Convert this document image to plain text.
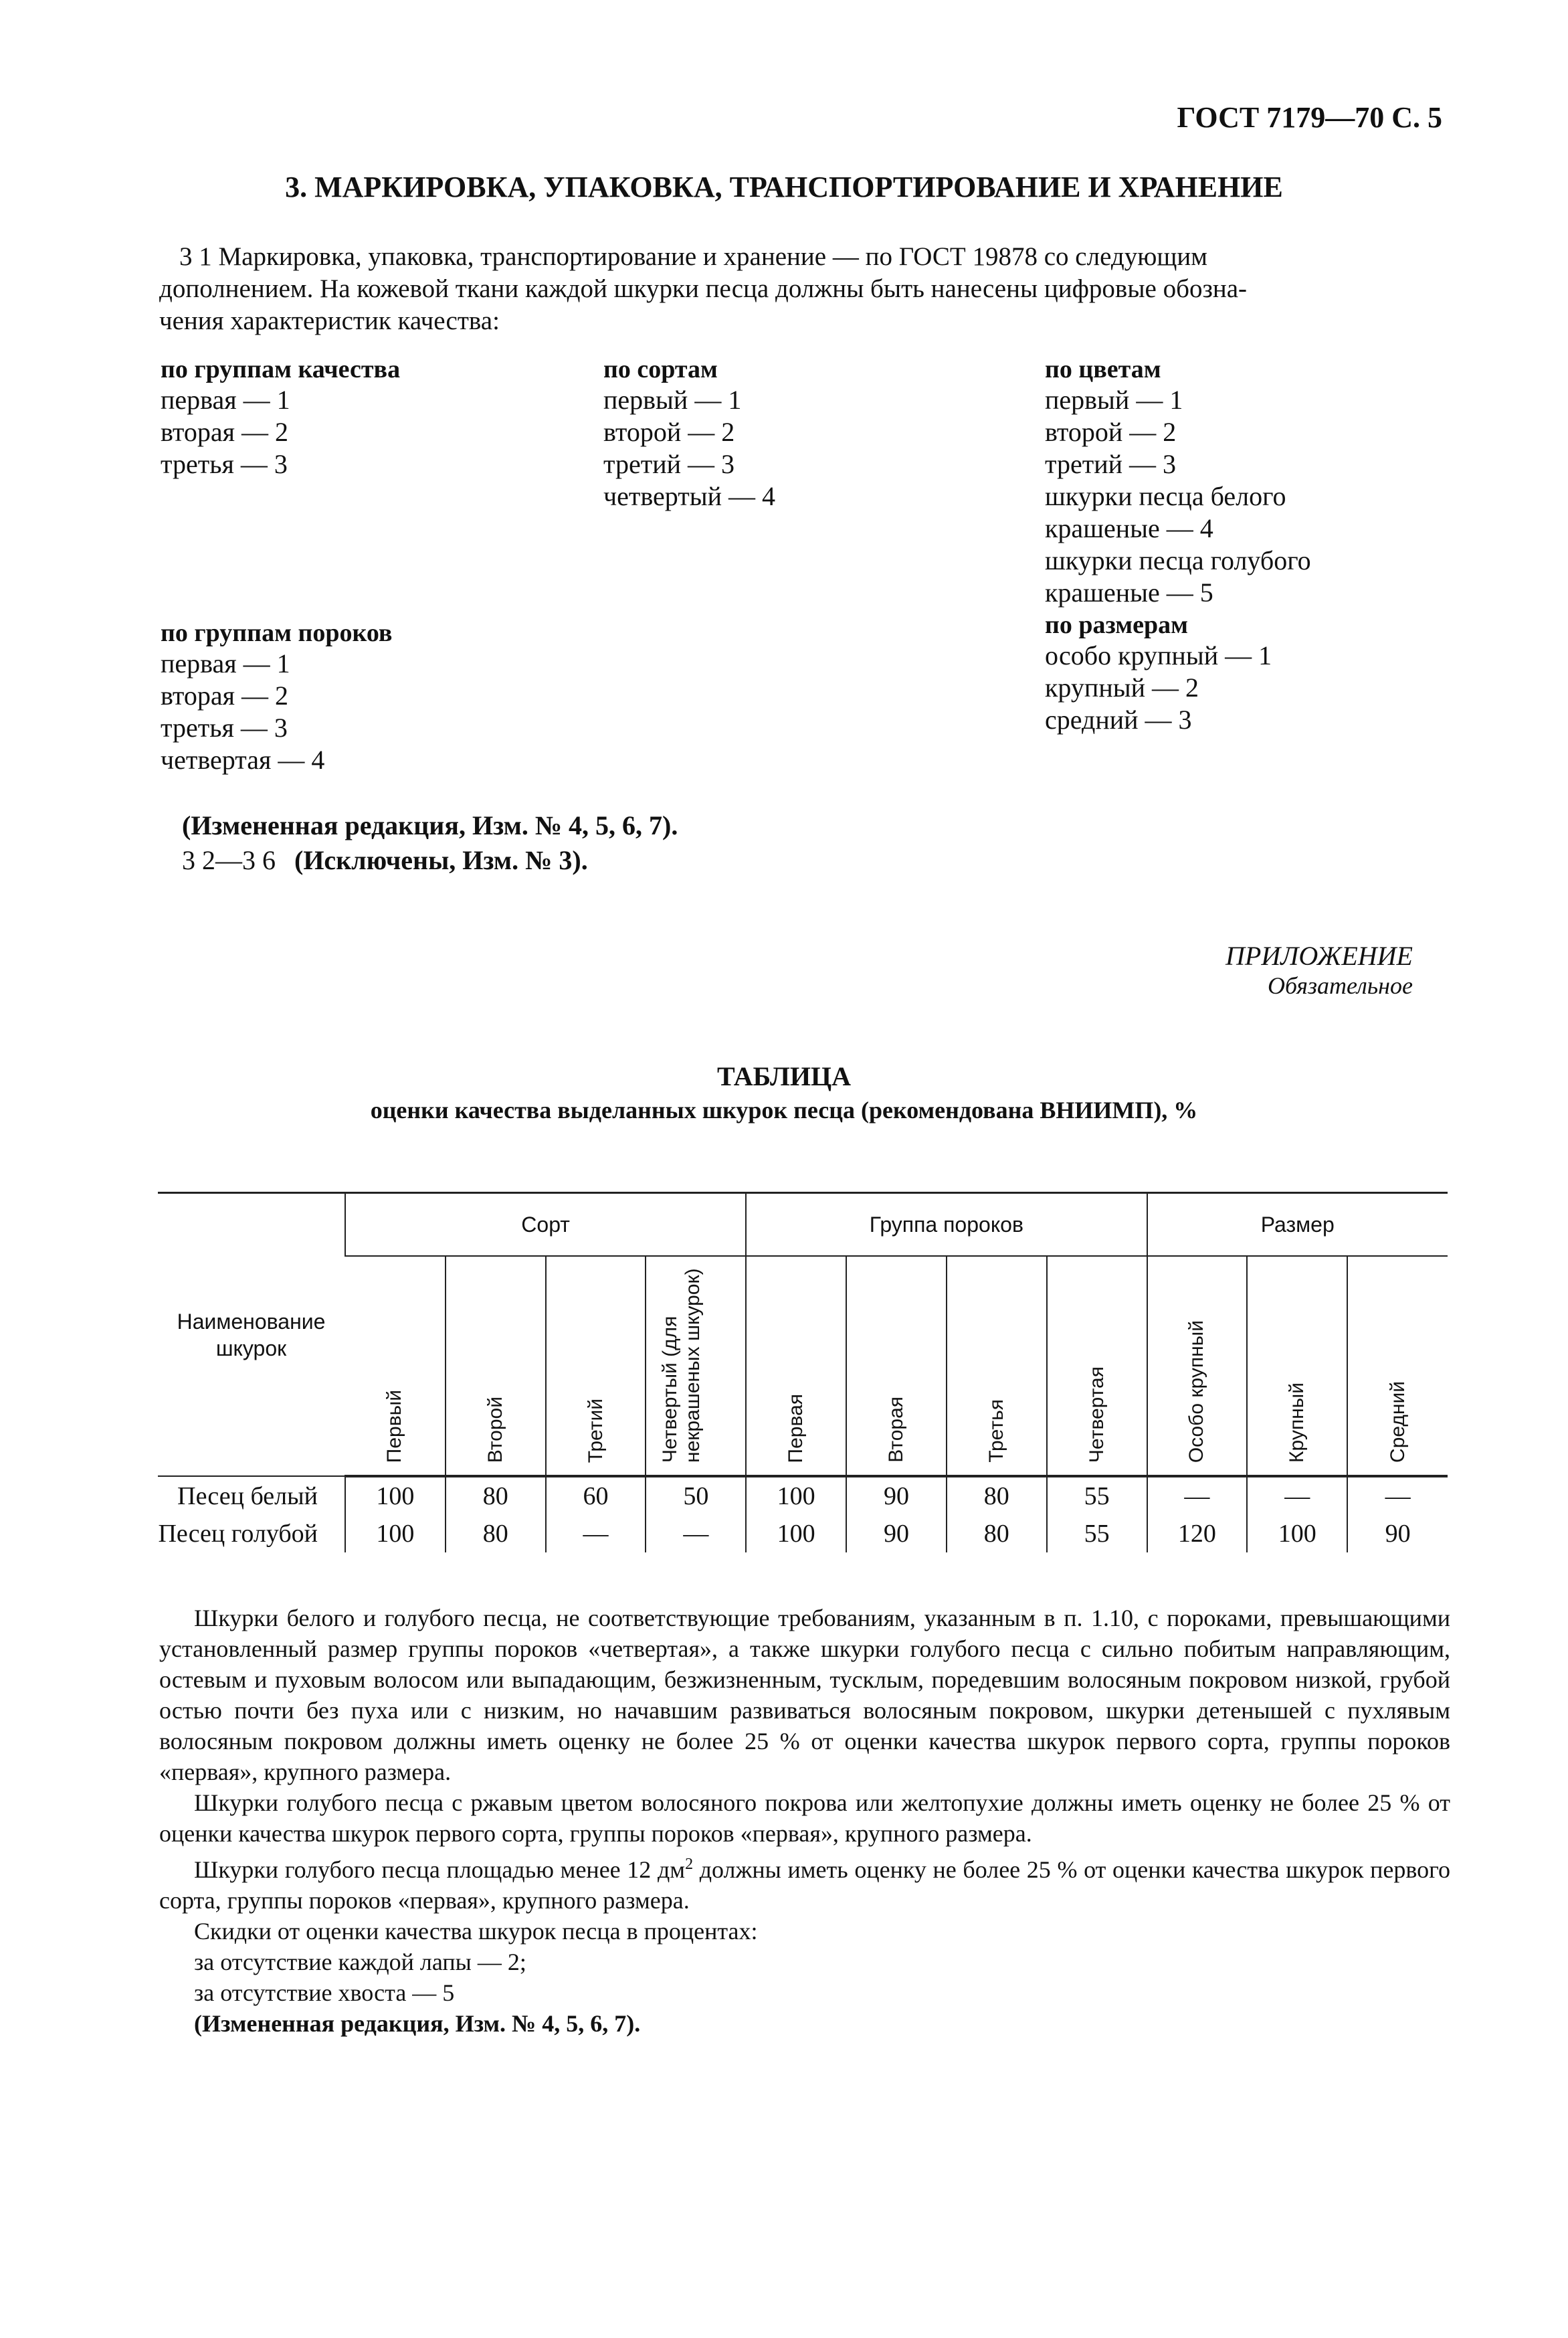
ГОСТ 7179—70 С. 5
3. МАРКИРОВКА, УПАКОВКА, ТРАНСПОРТИРОВАНИЕ И ХРАНЕНИЕ
3 1 Маркировка, упаковка, транспортирование и хранение — по ГОСТ 19878 со следующим
дополнением. На кожевой ткани каждой шкурки песца должны быть нанесены цифровые обозна-
чения характеристик качества:
по группам качества
первая — 1
вторая — 2
третья — 3
по сортам
первый — 1
второй — 2
третий — 3
четвертый — 4
по цветам
первый — 1
второй — 2
третий — 3
шкурки песца белого
крашеные — 4
шкурки песца голубого
крашеные — 5
по размерам
особо крупный — 1
крупный — 2
средний — 3
по группам пороков
первая — 1
вторая — 2
третья — 3
четвертая — 4
(Измененная редакция, Изм. № 4, 5, 6, 7).
3 2—3 6 (Исключены, Изм. № 3).
ПРИЛОЖЕНИЕ
Обязательное
ТАБЛИЦА
оценки качества выделанных шкурок песца (рекомендована ВНИИМП), %
Наименование шкурок	Сорт				Группа пороков				Размер		
	Первый	Второй	Третий	Четвертый (для некрашеных шкурок)	Первая	Вторая	Третья	Четвертая	Особо крупный	Крупный	Средний
Песец белый	100	80	60	50	100	90	80	55	—	—	—
Песец голубой	100	80	—	—	100	90	80	55	120	100	90
Шкурки белого и голубого песца, не соответствующие требованиям, указанным в п. 1.10, с пороками, превышающими установленный размер группы пороков «четвертая», а также шкурки голубого песца с сильно побитым направляющим, остевым и пуховым волосом или выпадающим, безжизненным, тусклым, поредевшим волосяным покровом низкой, грубой остью почти без пуха или с низким, но начавшим развиваться волосяным покровом, шкурки детенышей с пухлявым волосяным покровом должны иметь оценку не более 25 % от оценки качества шкурок первого сорта, группы пороков «первая», крупного размера.
Шкурки голубого песца с ржавым цветом волосяного покрова или желтопухие должны иметь оценку не более 25 % от оценки качества шкурок первого сорта, группы пороков «первая», крупного размера.
Шкурки голубого песца площадью менее 12 $дм^2$ должны иметь оценку не более 25 % от оценки качества шкурок первого сорта, группы пороков «первая», крупного размера.
Скидки от оценки качества шкурок песца в процентах:
за отсутствие каждой лапы — 2;
за отсутствие хвоста — 5
(Измененная редакция, Изм. № 4, 5, 6, 7).
